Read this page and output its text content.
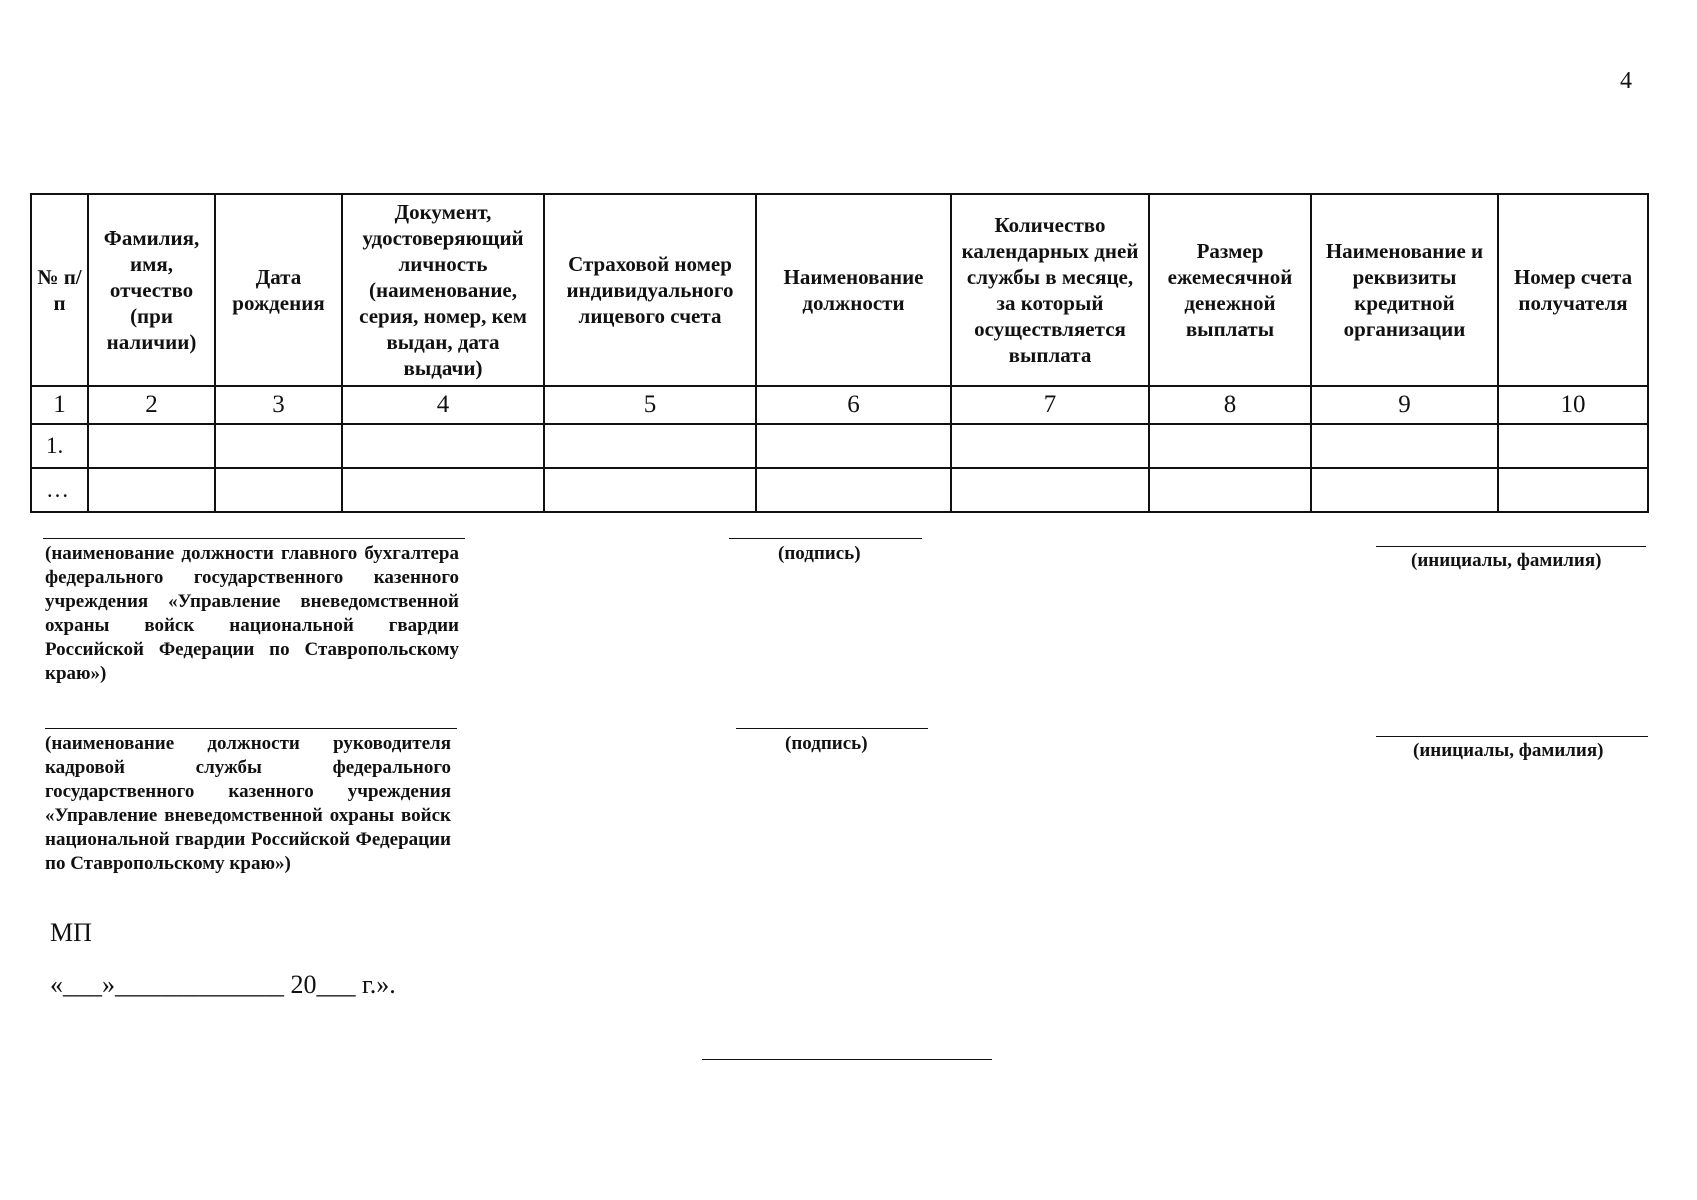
4
№ п/п	Фамилия, имя, отчество (при наличии)	Дата рождения	Документ, удостоверяющий личность (наименование, серия, номер, кем выдан, дата выдачи)	Страховой номер индивидуального лицевого счета	Наименование должности	Количество календарных дней службы в месяце, за который осуществляется выплата	Размер ежемесячной денежной выплаты	Наименование и реквизиты кредитной организации	Номер счета получателя
1	2	3	4	5	6	7	8	9	10
1.									
…									
(наименование должности главного бухгалтера федерального государственного казенного учреждения «Управление вневедомственной охраны войск национальной гвардии Российской Федерации по Ставропольскому краю»)
(подпись)	(инициалы, фамилия)
(наименование должности руководителя кадровой службы федерального государственного казенного учреждения «Управление вневедомственной охраны войск национальной гвардии Российской Федерации по Ставропольскому краю»)
(подпись)	(инициалы, фамилия)
МП
«___»_____________ 20___ г.».
